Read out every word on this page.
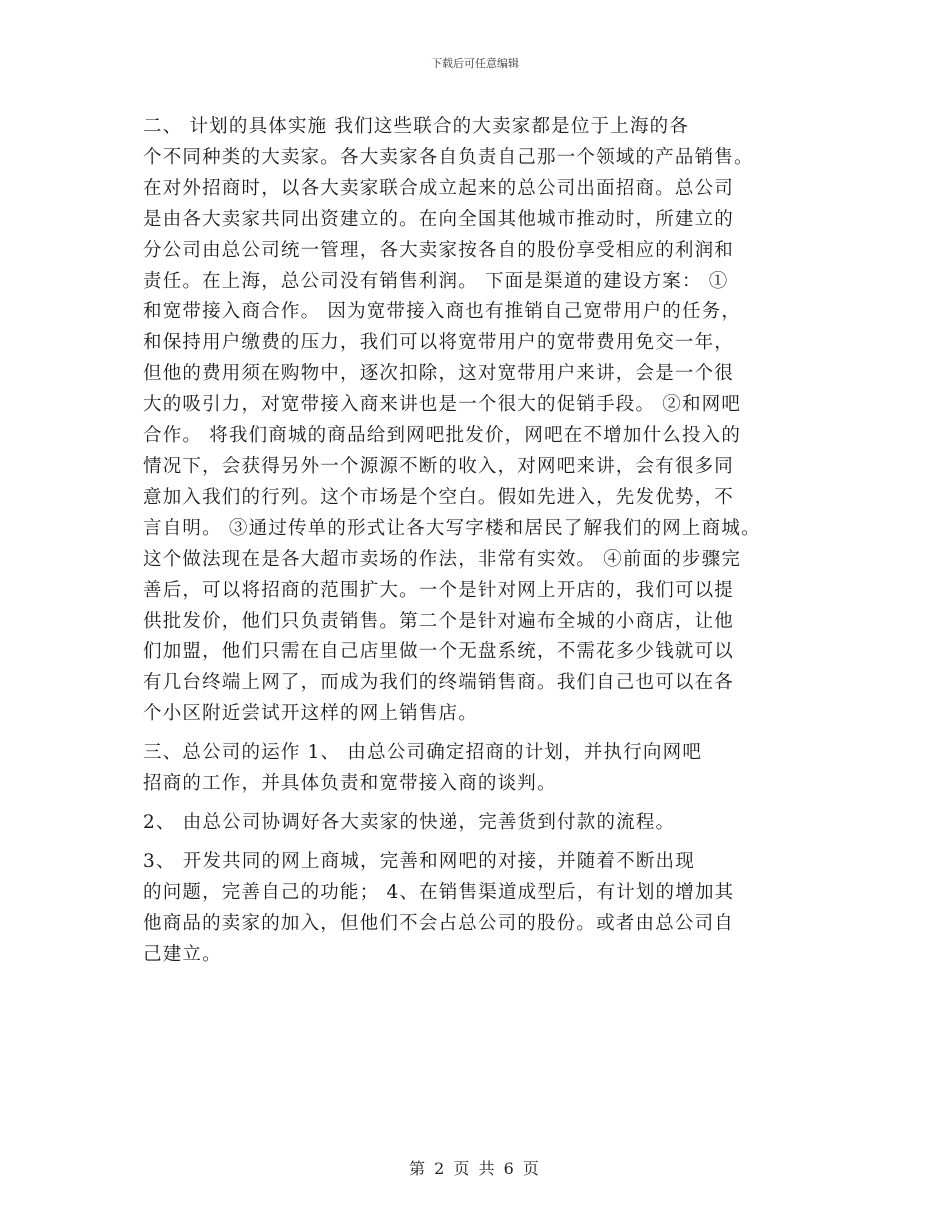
下载后可任意编辑
二、 计划的具体实施 我们这些联合的大卖家都是位于上海的各
个不同种类的大卖家。各大卖家各自负责自己那一个领域的产品销售。
在对外招商时，以各大卖家联合成立起来的总公司出面招商。总公司
是由各大卖家共同出资建立的。在向全国其他城市推动时，所建立的
分公司由总公司统一管理，各大卖家按各自的股份享受相应的利润和
责任。在上海，总公司没有销售利润。 下面是渠道的建设方案： ①
和宽带接入商合作。 因为宽带接入商也有推销自己宽带用户的任务，
和保持用户缴费的压力，我们可以将宽带用户的宽带费用免交一年，
但他的费用须在购物中，逐次扣除，这对宽带用户来讲，会是一个很
大的吸引力，对宽带接入商来讲也是一个很大的促销手段。 ②和网吧
合作。 将我们商城的商品给到网吧批发价，网吧在不增加什么投入的
情况下，会获得另外一个源源不断的收入，对网吧来讲，会有很多同
意加入我们的行列。这个市场是个空白。假如先进入，先发优势，不
言自明。 ③通过传单的形式让各大写字楼和居民了解我们的网上商城。
这个做法现在是各大超市卖场的作法，非常有实效。 ④前面的步骤完
善后，可以将招商的范围扩大。一个是针对网上开店的，我们可以提
供批发价，他们只负责销售。第二个是针对遍布全城的小商店，让他
们加盟，他们只需在自己店里做一个无盘系统，不需花多少钱就可以
有几台终端上网了，而成为我们的终端销售商。我们自己也可以在各
个小区附近尝试开这样的网上销售店。
三、总公司的运作 1、 由总公司确定招商的计划，并执行向网吧
招商的工作，并具体负责和宽带接入商的谈判。
2、 由总公司协调好各大卖家的快递，完善货到付款的流程。
3、 开发共同的网上商城，完善和网吧的对接，并随着不断出现
的问题，完善自己的功能； 4、在销售渠道成型后，有计划的增加其
他商品的卖家的加入，但他们不会占总公司的股份。或者由总公司自
己建立。
第 2 页 共 6 页
